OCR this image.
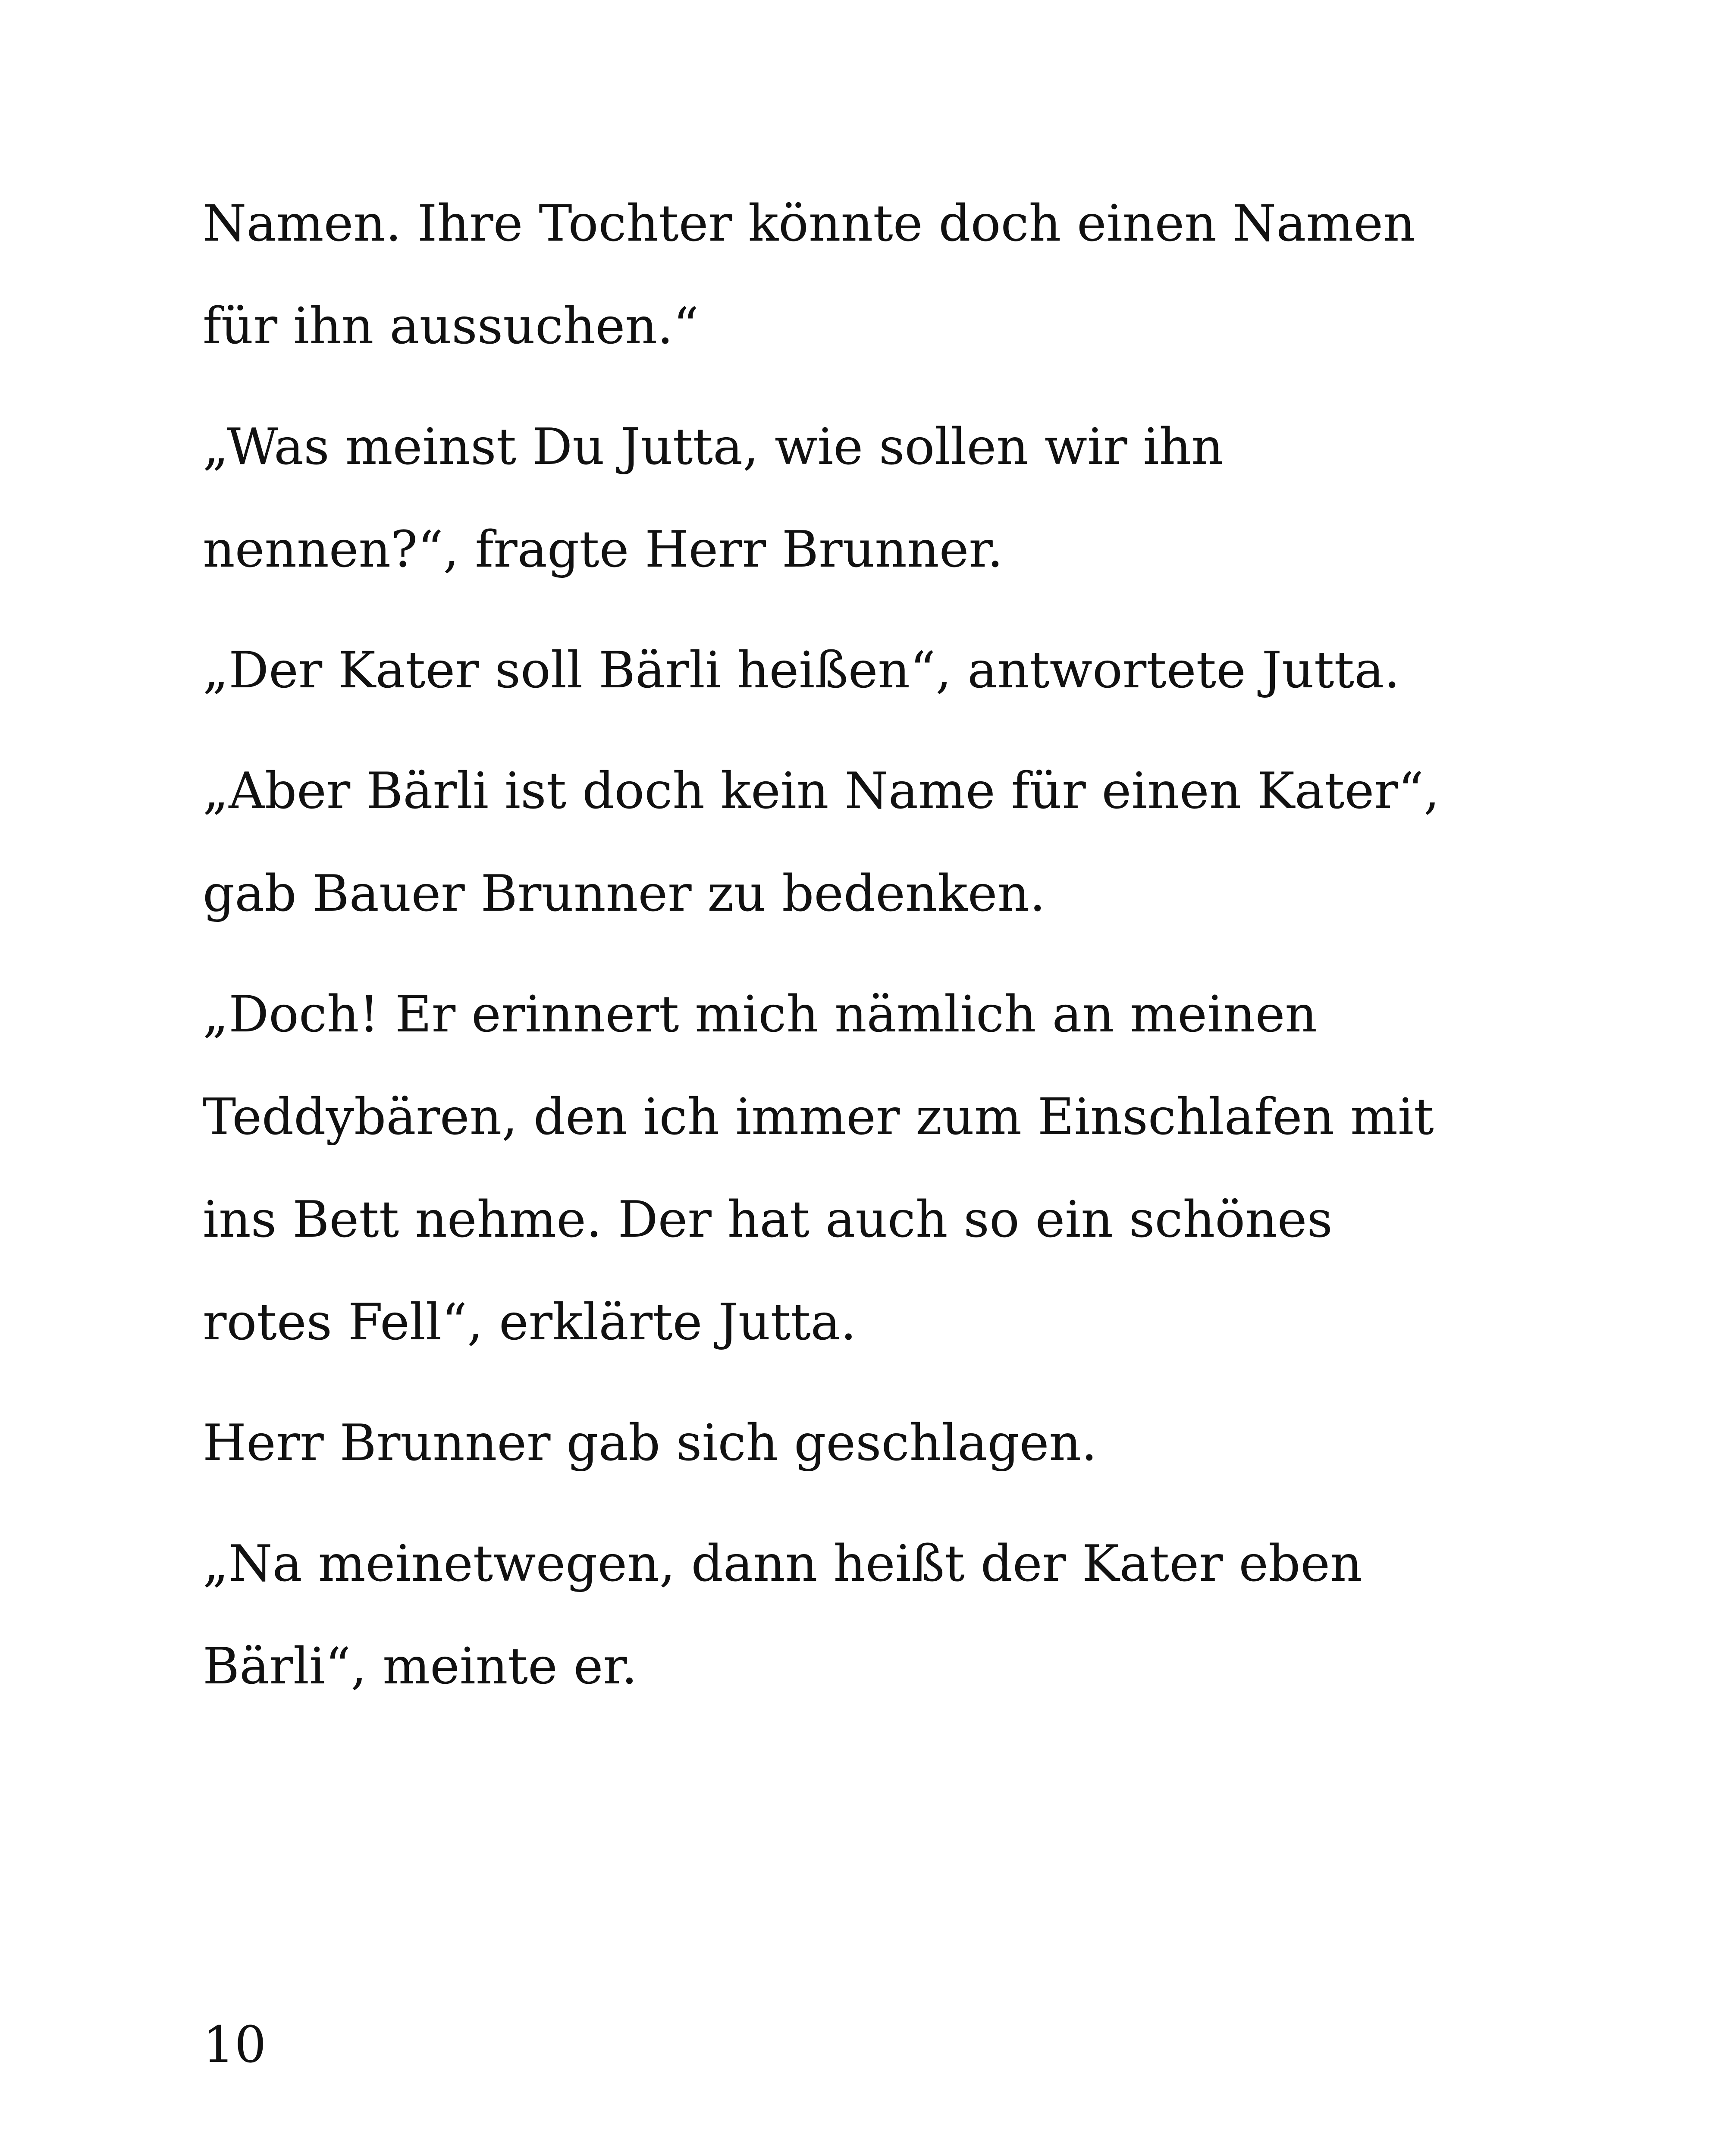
Namen. Ihre Tochter könnte doch einen Namen
für ihn aussuchen.“

„Was meinst Du Jutta, wie sollen wir ihn
nennen?“, fragte Herr Brunner.

„Der Kater soll Bärli heißen“, antwortete Jutta.

„Aber Bärli ist doch kein Name für einen Kater“,
gab Bauer Brunner zu bedenken.

„Doch! Er erinnert mich nämlich an meinen
Teddybären, den ich immer zum Einschlafen mit
ins Bett nehme. Der hat auch so ein schönes
rotes Fell“, erklärte Jutta.

Herr Brunner gab sich geschlagen.

„Na meinetwegen, dann heißt der Kater eben
Bärli“, meinte er.

10
